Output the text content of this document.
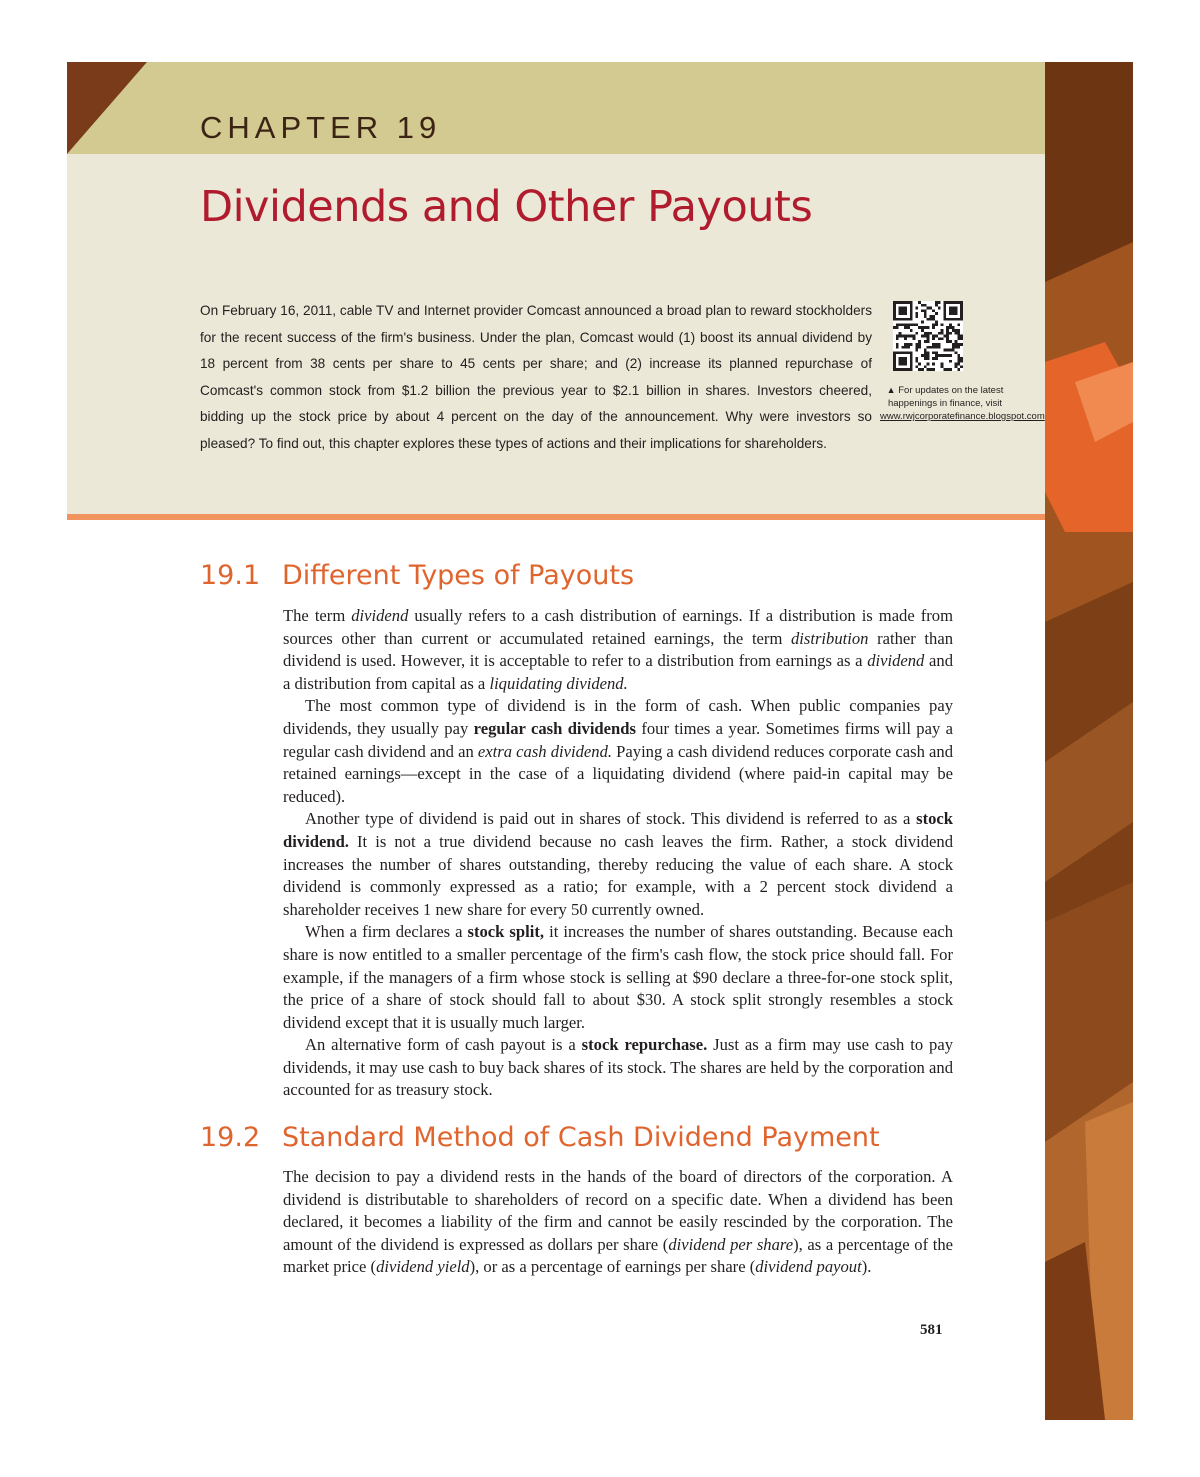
CHAPTER 19
Dividends and Other Payouts
On February 16, 2011, cable TV and Internet provider Comcast announced a broad plan to reward stockholders for the recent success of the firm's business. Under the plan, Comcast would (1) boost its annual dividend by 18 percent from 38 cents per share to 45 cents per share; and (2) increase its planned repurchase of Comcast's common stock from $1.2 billion the previous year to $2.1 billion in shares. Investors cheered, bidding up the stock price by about 4 percent on the day of the announcement. Why were investors so pleased? To find out, this chapter explores these types of actions and their implications for shareholders.
▲ For updates on the latest happenings in finance, visit www.rwjcorporatefinance.blogspot.com
19.1 Different Types of Payouts

The term dividend usually refers to a cash distribution of earnings. If a distribution is made from sources other than current or accumulated retained earnings, the term distribution rather than dividend is used. However, it is acceptable to refer to a distribution from earnings as a dividend and a distribution from capital as a liquidating dividend.

The most common type of dividend is in the form of cash. When public companies pay dividends, they usually pay regular cash dividends four times a year. Sometimes firms will pay a regular cash dividend and an extra cash dividend. Paying a cash dividend reduces corporate cash and retained earnings—except in the case of a liquidating dividend (where paid-in capital may be reduced).

Another type of dividend is paid out in shares of stock. This dividend is referred to as a stock dividend. It is not a true dividend because no cash leaves the firm. Rather, a stock dividend increases the number of shares outstanding, thereby reducing the value of each share. A stock dividend is commonly expressed as a ratio; for example, with a 2 percent stock dividend a shareholder receives 1 new share for every 50 currently owned.

When a firm declares a stock split, it increases the number of shares outstanding. Because each share is now entitled to a smaller percentage of the firm's cash flow, the stock price should fall. For example, if the managers of a firm whose stock is selling at $90 declare a three-for-one stock split, the price of a share of stock should fall to about $30. A stock split strongly resembles a stock dividend except that it is usually much larger.

An alternative form of cash payout is a stock repurchase. Just as a firm may use cash to pay dividends, it may use cash to buy back shares of its stock. The shares are held by the corporation and accounted for as treasury stock.

19.2 Standard Method of Cash Dividend Payment

The decision to pay a dividend rests in the hands of the board of directors of the corporation. A dividend is distributable to shareholders of record on a specific date. When a dividend has been declared, it becomes a liability of the firm and cannot be easily rescinded by the corporation. The amount of the dividend is expressed as dollars per share (dividend per share), as a percentage of the market price (dividend yield), or as a percentage of earnings per share (dividend payout).

581
